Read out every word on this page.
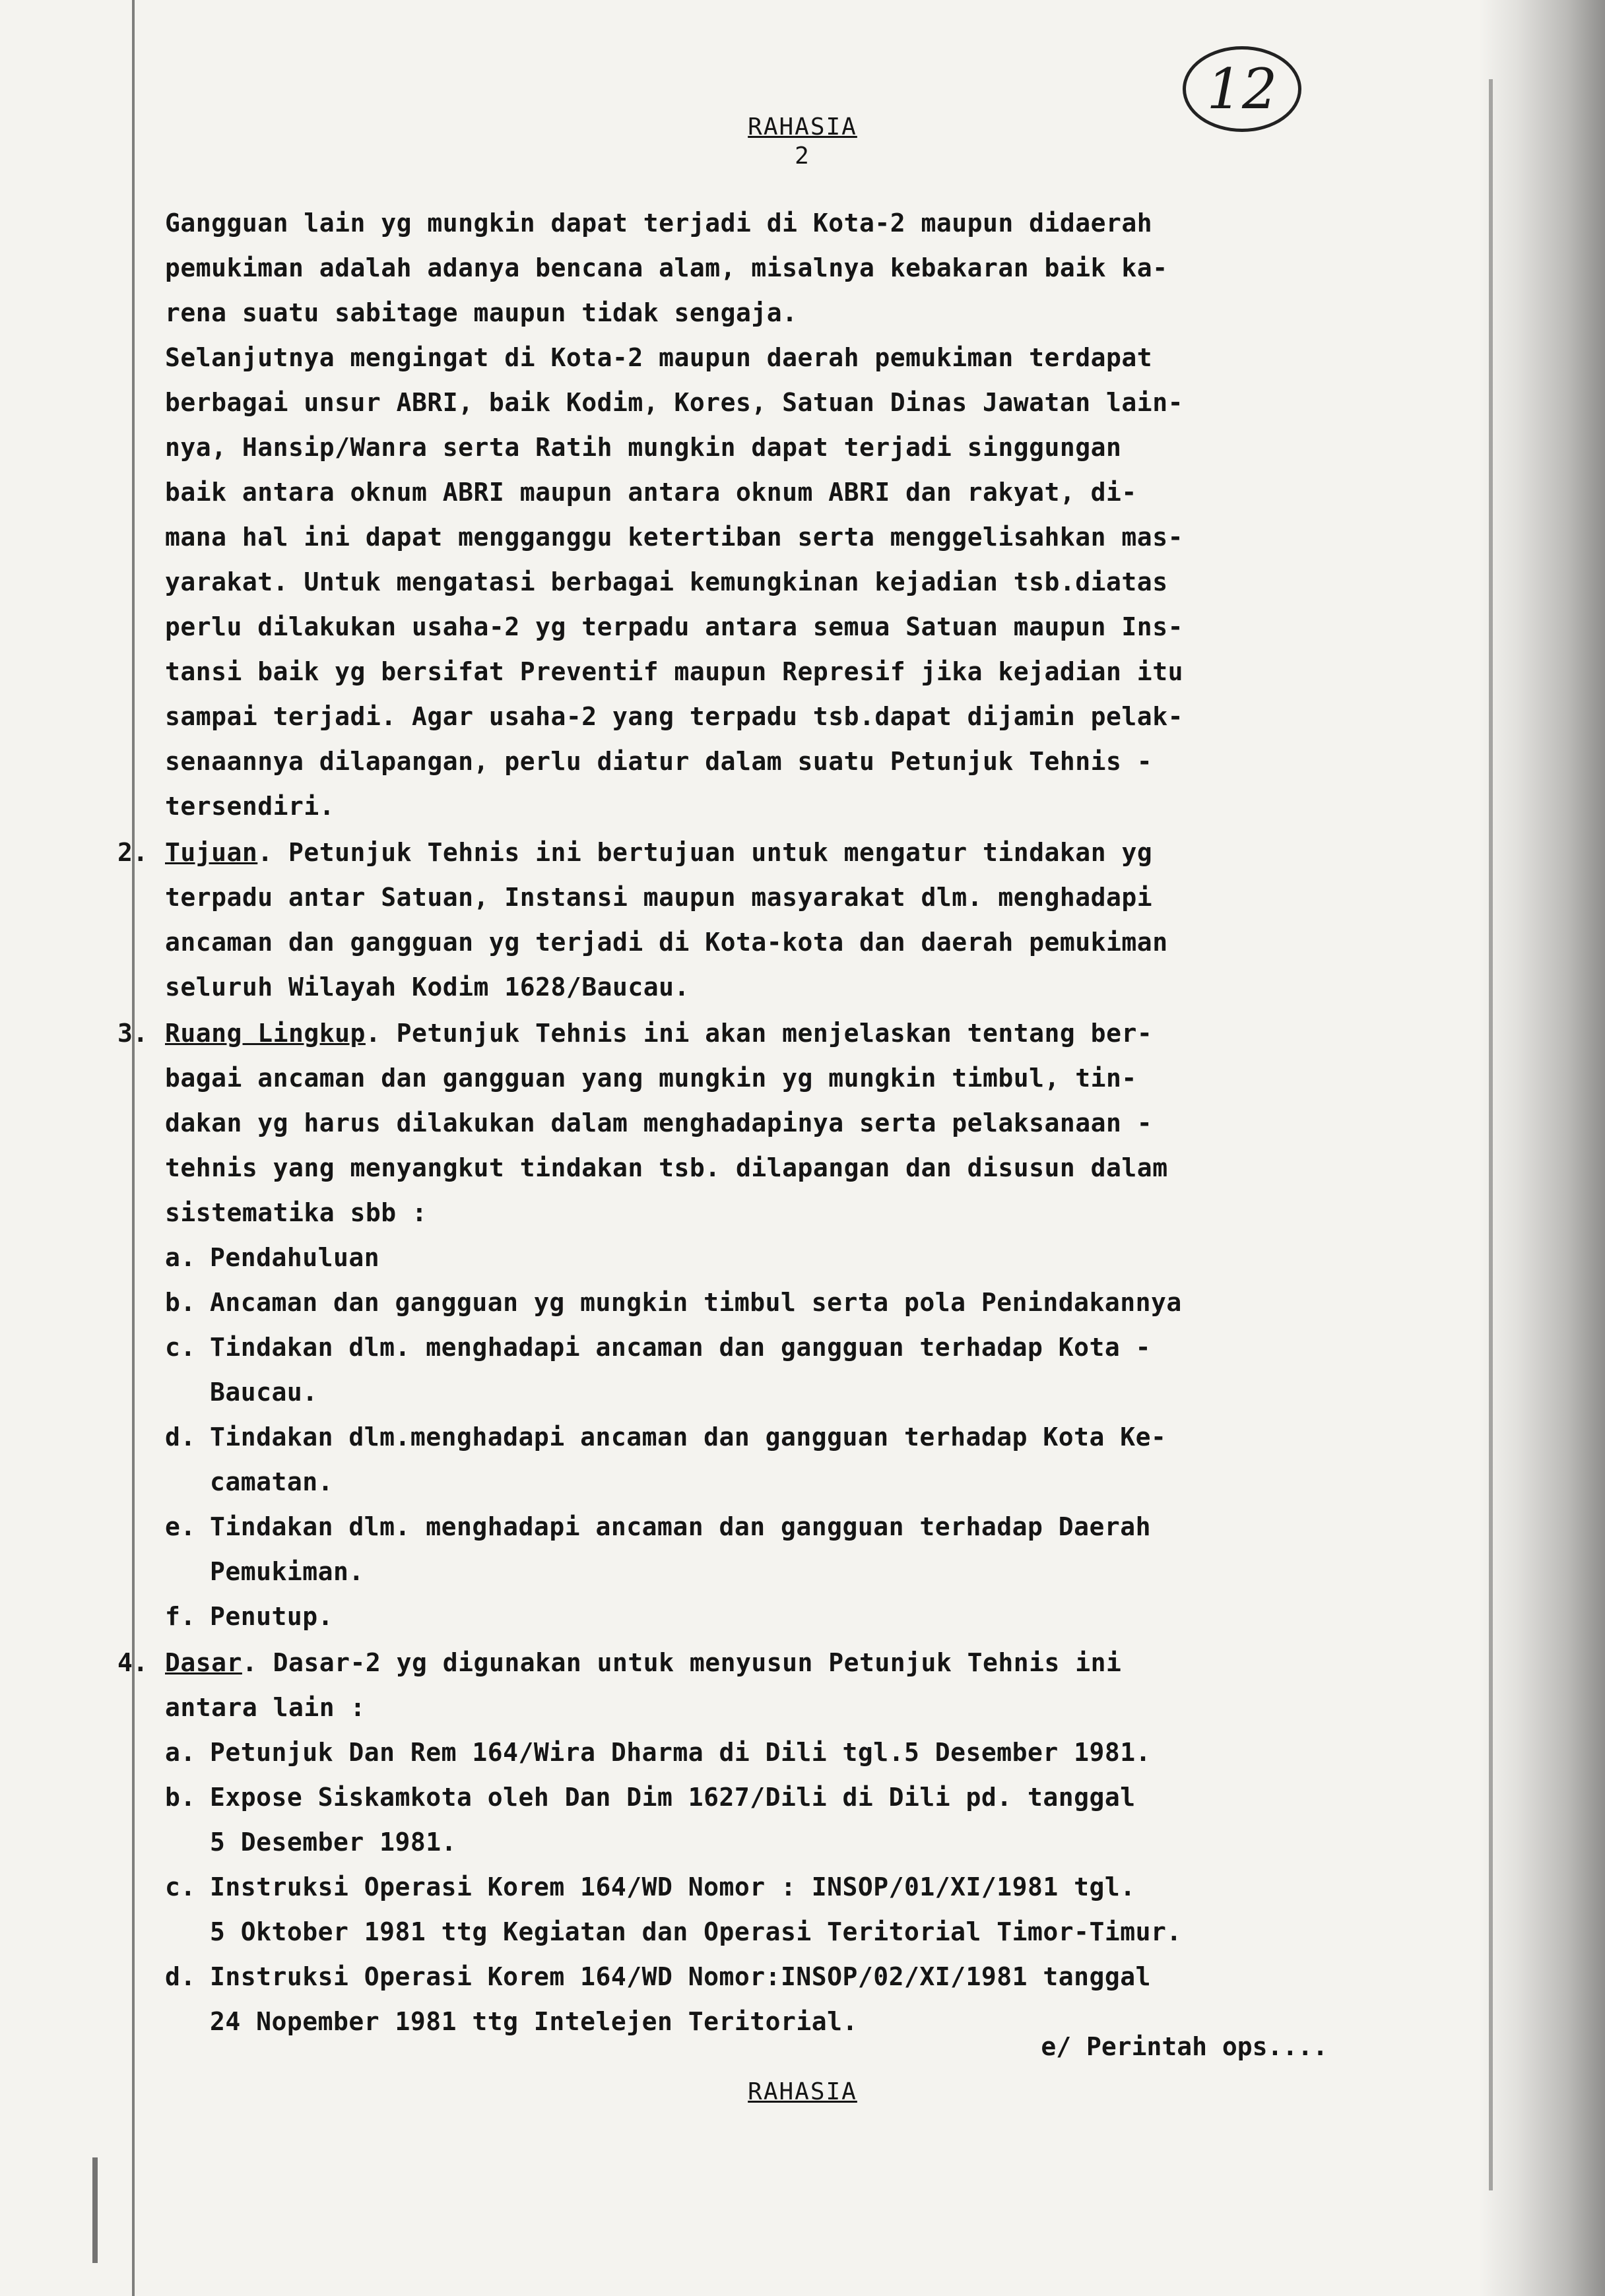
12
RAHASIA
2
Gangguan lain yg mungkin dapat terjadi di Kota-2 maupun didaerah
pemukiman adalah adanya bencana alam, misalnya kebakaran baik ka-
rena suatu sabitage maupun tidak sengaja.
Selanjutnya mengingat di Kota-2 maupun daerah pemukiman terdapat
berbagai unsur ABRI, baik Kodim, Kores, Satuan Dinas Jawatan lain-
nya, Hansip/Wanra serta Ratih mungkin dapat terjadi singgungan
baik antara oknum ABRI maupun antara oknum ABRI dan rakyat, di-
mana hal ini dapat mengganggu ketertiban serta menggelisahkan mas-
yarakat. Untuk mengatasi berbagai kemungkinan kejadian tsb.diatas
perlu dilakukan usaha-2 yg terpadu antara semua Satuan maupun Ins-
tansi baik yg bersifat Preventif maupun Represif jika kejadian itu
sampai terjadi. Agar usaha-2 yang terpadu tsb.dapat dijamin pelak-
senaannya dilapangan, perlu diatur dalam suatu Petunjuk Tehnis -
tersendiri.
2. Tujuan. Petunjuk Tehnis ini bertujuan untuk mengatur tindakan yg
terpadu antar Satuan, Instansi maupun masyarakat dlm. menghadapi
ancaman dan gangguan yg terjadi di Kota-kota dan daerah pemukiman
seluruh Wilayah Kodim 1628/Baucau.
3. Ruang Lingkup. Petunjuk Tehnis ini akan menjelaskan tentang ber-
bagai ancaman dan gangguan yang mungkin yg mungkin timbul, tin-
dakan yg harus dilakukan dalam menghadapinya serta pelaksanaan -
tehnis yang menyangkut tindakan tsb. dilapangan dan disusun dalam
sistematika sbb :
a. Pendahuluan
b. Ancaman dan gangguan yg mungkin timbul serta pola Penindakannya
c. Tindakan dlm. menghadapi ancaman dan gangguan terhadap Kota -
Baucau.
d. Tindakan dlm.menghadapi ancaman dan gangguan terhadap Kota Ke-
camatan.
e. Tindakan dlm. menghadapi ancaman dan gangguan terhadap Daerah
Pemukiman.
f. Penutup.
4. Dasar. Dasar-2 yg digunakan untuk menyusun Petunjuk Tehnis ini
antara lain :
a. Petunjuk Dan Rem 164/Wira Dharma di Dili tgl.5 Desember 1981.
b. Expose Siskamkota oleh Dan Dim 1627/Dili di Dili pd. tanggal
5 Desember 1981.
c. Instruksi Operasi Korem 164/WD Nomor : INSOP/01/XI/1981 tgl.
5 Oktober 1981 ttg Kegiatan dan Operasi Teritorial Timor-Timur.
d. Instruksi Operasi Korem 164/WD Nomor:INSOP/02/XI/1981 tanggal
24 Nopember 1981 ttg Intelejen Teritorial.
e/ Perintah ops....
RAHASIA
